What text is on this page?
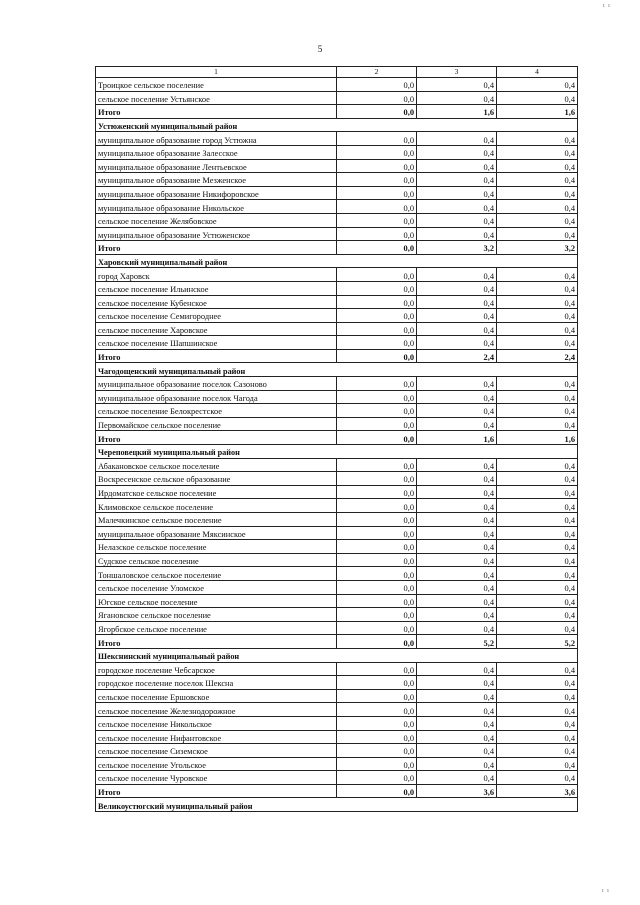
ı ı
5
1	2	3	4
Троицкое сельское поселение	0,0	0,4	0,4
сельское поселение Устьянское	0,0	0,4	0,4
Итого	0,0	1,6	1,6
Устюженский муниципальный район			
муниципальное образование город Устюжна	0,0	0,4	0,4
муниципальное образование Залесское	0,0	0,4	0,4
муниципальное образование Лентьевское	0,0	0,4	0,4
муниципальное образование Мезженское	0,0	0,4	0,4
муниципальное образование Никифоровское	0,0	0,4	0,4
муниципальное образование Никольское	0,0	0,4	0,4
сельское поселение Желябовское	0,0	0,4	0,4
муниципальное образование Устюженское	0,0	0,4	0,4
Итого	0,0	3,2	3,2
Харовский муниципальный район			
город Харовск	0,0	0,4	0,4
сельское поселение Ильинское	0,0	0,4	0,4
сельское поселение Кубенское	0,0	0,4	0,4
сельское поселение Семигороднее	0,0	0,4	0,4
сельское поселение Харовское	0,0	0,4	0,4
сельское поселение Шапшинское	0,0	0,4	0,4
Итого	0,0	2,4	2,4
Чагодощенский муниципальный район			
муниципальное образование поселок Сазоново	0,0	0,4	0,4
муниципальное образование поселок Чагода	0,0	0,4	0,4
сельское поселение Белокрестское	0,0	0,4	0,4
Первомайское сельское поселение	0,0	0,4	0,4
Итого	0,0	1,6	1,6
Череповецкий муниципальный район			
Абакановское сельское поселение	0,0	0,4	0,4
Воскресенское сельское образование	0,0	0,4	0,4
Ирдоматское сельское поселение	0,0	0,4	0,4
Климовское сельское поселение	0,0	0,4	0,4
Малечкинское сельское поселение	0,0	0,4	0,4
муниципальное образование Мяксинское	0,0	0,4	0,4
Нелазское сельское поселение	0,0	0,4	0,4
Судское сельское поселение	0,0	0,4	0,4
Тоншаловское сельское поселение	0,0	0,4	0,4
сельское поселение Уломское	0,0	0,4	0,4
Югское сельское поселение	0,0	0,4	0,4
Ягановское сельское поселение	0,0	0,4	0,4
Ягорбское сельское поселение	0,0	0,4	0,4
Итого	0,0	5,2	5,2
Шекснинский муниципальный район			
городское поселение Чебсарское	0,0	0,4	0,4
городское поселение поселок Шексна	0,0	0,4	0,4
сельское поселение Ершовское	0,0	0,4	0,4
сельское поселение Железнодорожное	0,0	0,4	0,4
сельское поселение Никольское	0,0	0,4	0,4
сельское поселение Нифантовское	0,0	0,4	0,4
сельское поселение Сиземское	0,0	0,4	0,4
сельское поселение Угольское	0,0	0,4	0,4
сельское поселение Чуровское	0,0	0,4	0,4
Итого	0,0	3,6	3,6
Великоустюгский муниципальный район			
ı ı
